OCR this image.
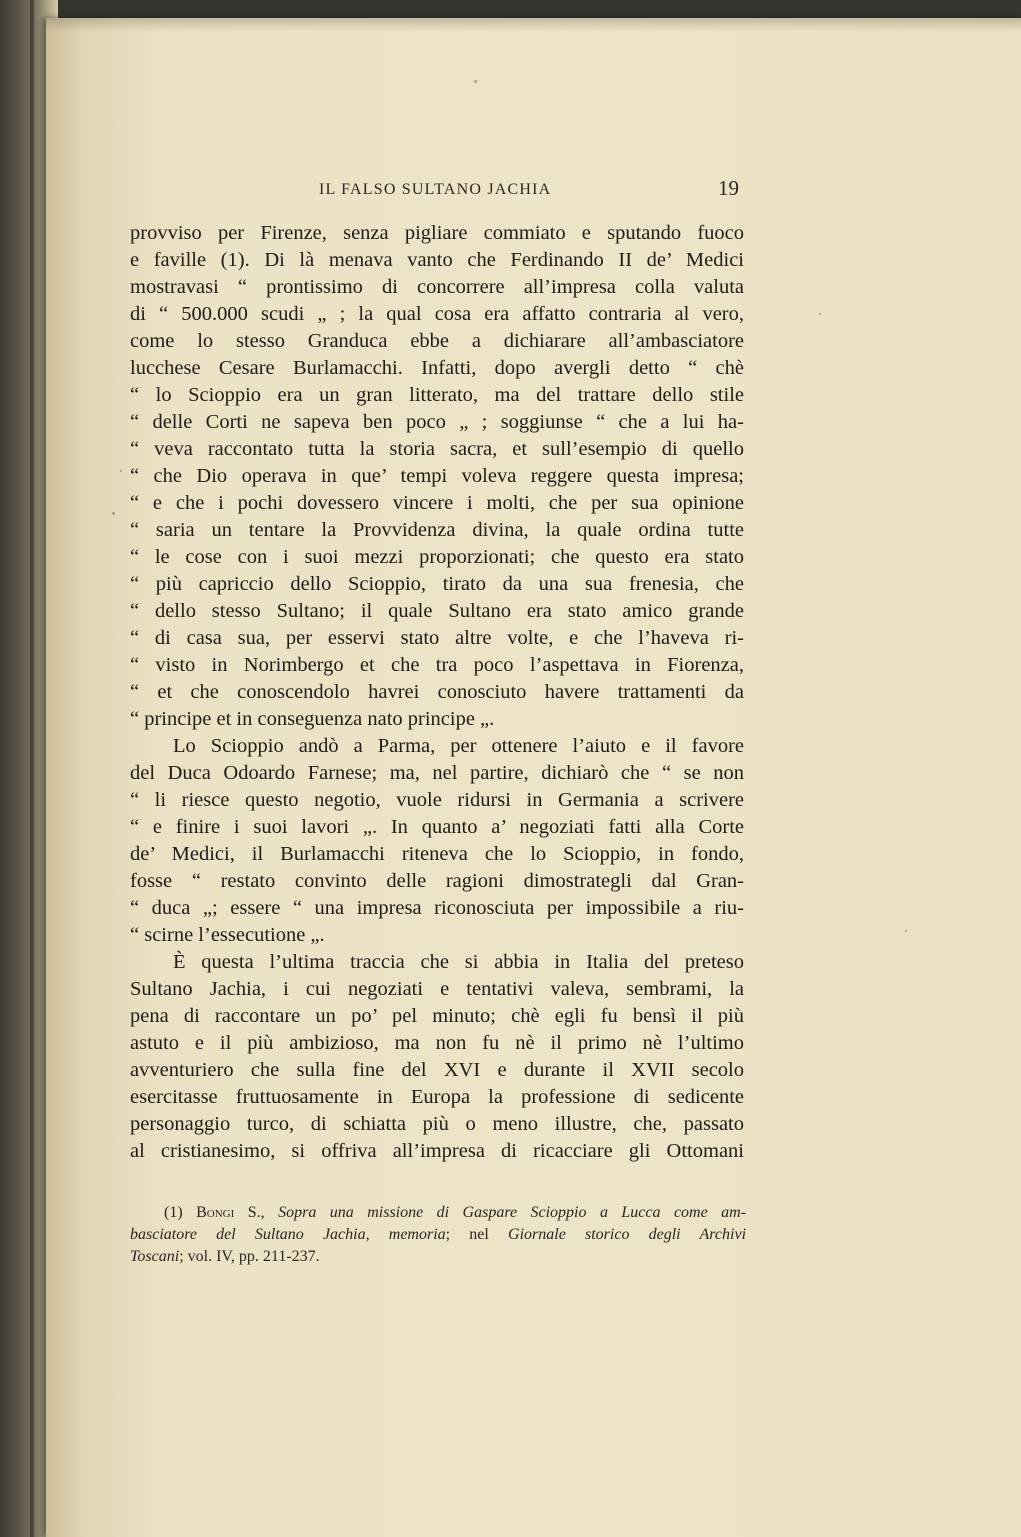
IL FALSO SULTANO JACHIA	19
provviso per Firenze, senza pigliare commiato e sputando fuoco
e faville (1). Di là menava vanto che Ferdinando II de’ Medici
mostravasi “ prontissimo di concorrere all’impresa colla valuta
di “ 500.000 scudi „ ; la qual cosa era affatto contraria al vero,
come lo stesso Granduca ebbe a dichiarare all’ambasciatore
lucchese Cesare Burlamacchi. Infatti, dopo avergli detto “ chè
“ lo Scioppio era un gran litterato, ma del trattare dello stile
“ delle Corti ne sapeva ben poco „ ; soggiunse “ che a lui ha-
“ veva raccontato tutta la storia sacra, et sull’esempio di quello
“ che Dio operava in que’ tempi voleva reggere questa impresa;
“ e che i pochi dovessero vincere i molti, che per sua opinione
“ saria un tentare la Provvidenza divina, la quale ordina tutte
“ le cose con i suoi mezzi proporzionati; che questo era stato
“ più capriccio dello Scioppio, tirato da una sua frenesia, che
“ dello stesso Sultano; il quale Sultano era stato amico grande
“ di casa sua, per esservi stato altre volte, e che l’haveva ri-
“ visto in Norimbergo et che tra poco l’aspettava in Fiorenza,
“ et che conoscendolo havrei conosciuto havere trattamenti da
“ principe et in conseguenza nato principe „.
Lo Scioppio andò a Parma, per ottenere l’aiuto e il favore
del Duca Odoardo Farnese; ma, nel partire, dichiarò che “ se non
“ li riesce questo negotio, vuole ridursi in Germania a scrivere
“ e finire i suoi lavori „. In quanto a’ negoziati fatti alla Corte
de’ Medici, il Burlamacchi riteneva che lo Scioppio, in fondo,
fosse “ restato convinto delle ragioni dimostrategli dal Gran-
“ duca „; essere “ una impresa riconosciuta per impossibile a riu-
“ scirne l’essecutione „.
È questa l’ultima traccia che si abbia in Italia del preteso
Sultano Jachia, i cui negoziati e tentativi valeva, sembrami, la
pena di raccontare un po’ pel minuto; chè egli fu bensì il più
astuto e il più ambizioso, ma non fu nè il primo nè l’ultimo
avventuriero che sulla fine del XVI e durante il XVII secolo
esercitasse fruttuosamente in Europa la professione di sedicente
personaggio turco, di schiatta più o meno illustre, che, passato
al cristianesimo, si offriva all’impresa di ricacciare gli Ottomani
(1) Bongi S., Sopra una missione di Gaspare Scioppio a Lucca come am-
basciatore del Sultano Jachia, memoria; nel Giornale storico degli Archivi
Toscani; vol. IV, pp. 211-237.
